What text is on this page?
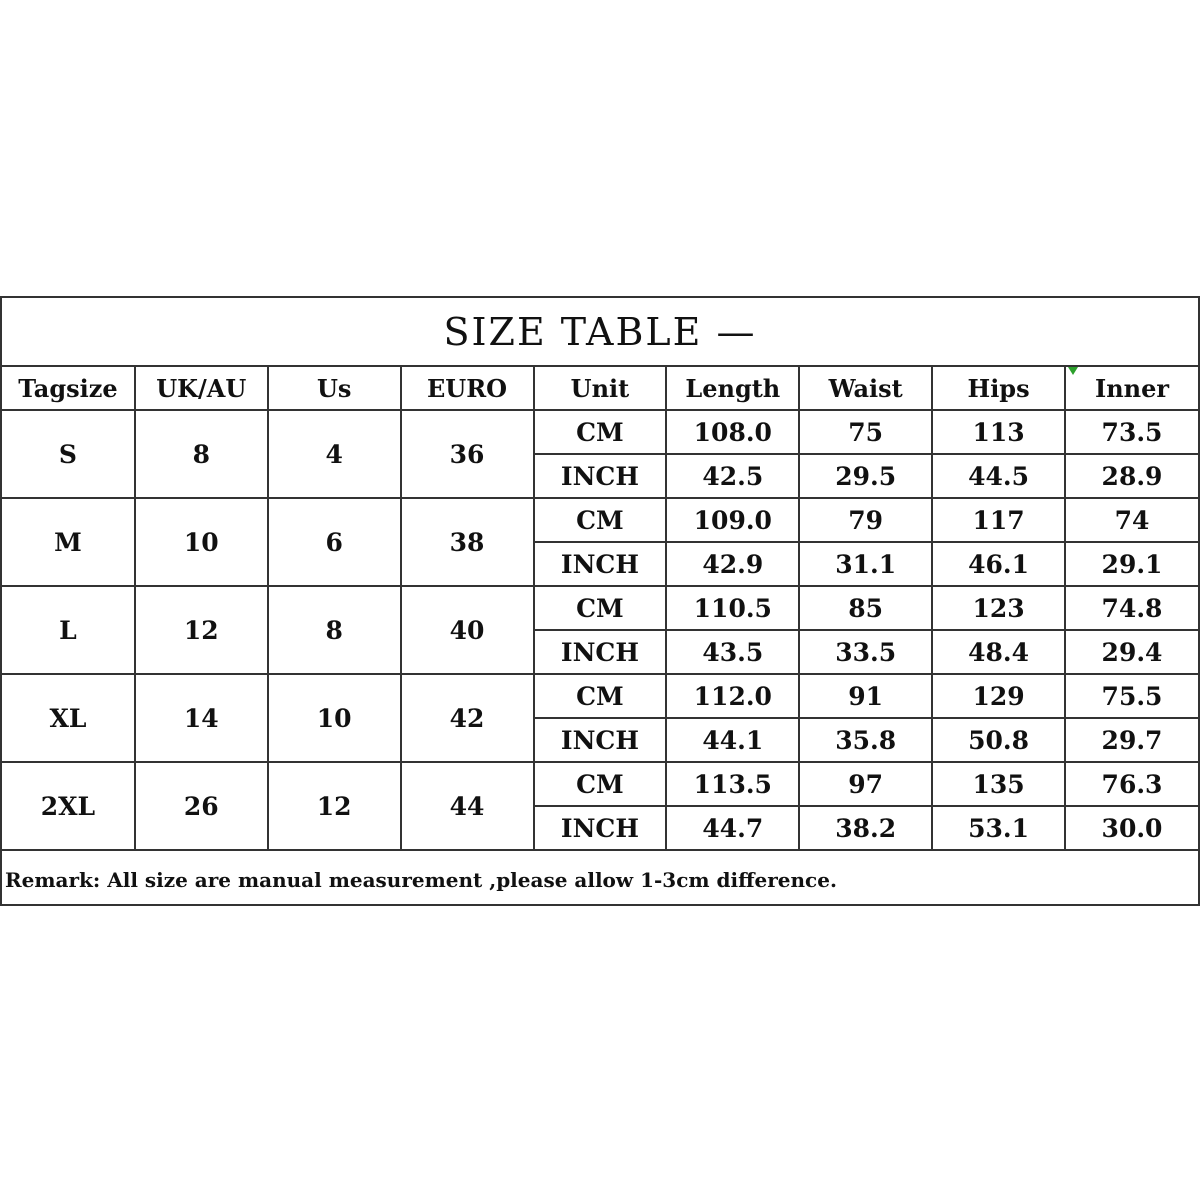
SIZE TABLE —								
Tagsize	UK/AU	Us	EURO	Unit	Length	Waist	Hips	Inner
S	8	4	36	CM	108.0	75	113	73.5
				INCH	42.5	29.5	44.5	28.9
M	10	6	38	CM	109.0	79	117	74
				INCH	42.9	31.1	46.1	29.1
L	12	8	40	CM	110.5	85	123	74.8
				INCH	43.5	33.5	48.4	29.4
XL	14	10	42	CM	112.0	91	129	75.5
				INCH	44.1	35.8	50.8	29.7
2XL	26	12	44	CM	113.5	97	135	76.3
				INCH	44.7	38.2	53.1	30.0
Remark: All size are manual measurement ,please allow 1-3cm difference.								
